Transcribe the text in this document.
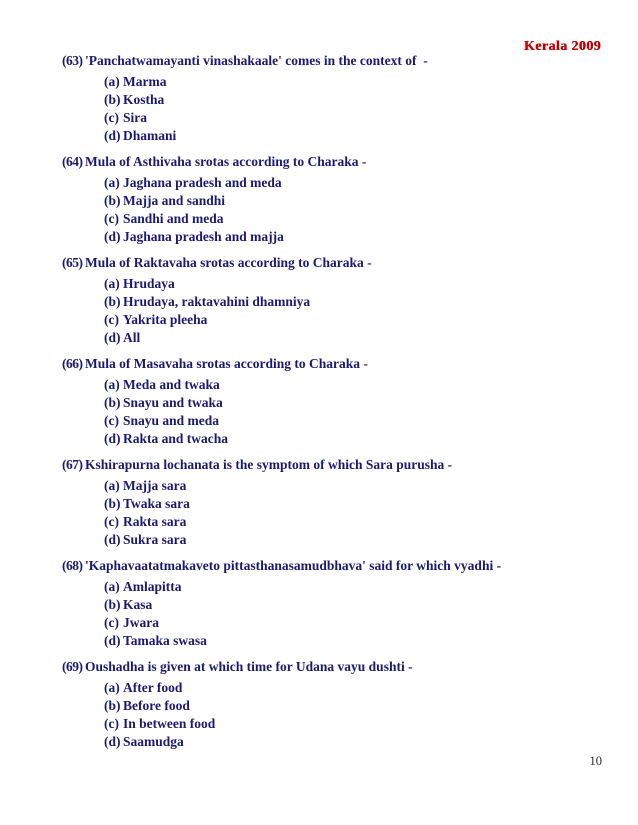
Kerala 2009
(63) 'Panchatwamayanti vinashakaale' comes in the context of  -
(a) Marma
(b) Kostha
(c) Sira
(d) Dhamani
(64) Mula of Asthivaha srotas according to Charaka -
(a) Jaghana pradesh and meda
(b) Majja and sandhi
(c) Sandhi and meda
(d) Jaghana pradesh and majja
(65) Mula of Raktavaha srotas according to Charaka -
(a) Hrudaya
(b) Hrudaya, raktavahini dhamniya
(c) Yakrita pleeha
(d) All
(66) Mula of Masavaha srotas according to Charaka -
(a) Meda and twaka
(b) Snayu and twaka
(c) Snayu and meda
(d) Rakta and twacha
(67) Kshirapurna lochanata is the symptom of which Sara purusha -
(a) Majja sara
(b) Twaka sara
(c) Rakta sara
(d) Sukra sara
(68) 'Kaphavaatatmakaveto pittasthanasamudbhava' said for which vyadhi -
(a) Amlapitta
(b) Kasa
(c) Jwara
(d) Tamaka swasa
(69) Oushadha is given at which time for Udana vayu dushti -
(a) After food
(b) Before food
(c) In between food
(d) Saamudga
10
